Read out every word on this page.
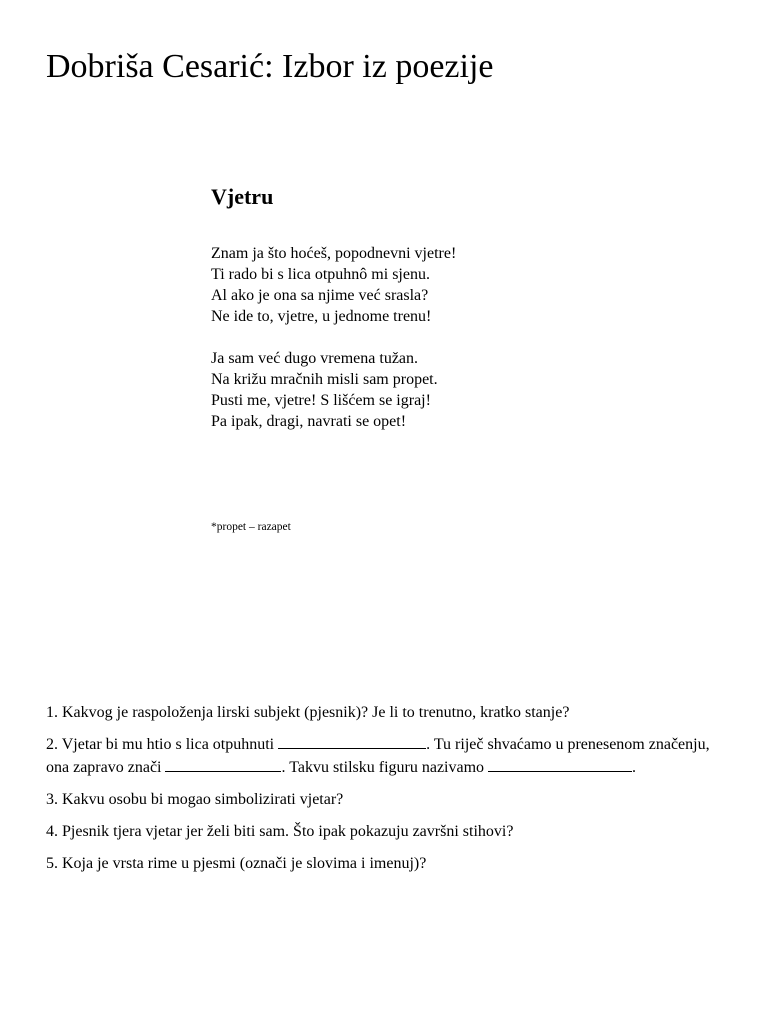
Dobriša Cesarić: Izbor iz poezije
Vjetru
Znam ja što hoćeš, popodnevni vjetre!
Ti rado bi s lica otpuhnô mi sjenu.
Al ako je ona sa njime već srasla?
Ne ide to, vjetre, u jednome trenu!
Ja sam već dugo vremena tužan.
Na križu mračnih misli sam propet.
Pusti me, vjetre! S lišćem se igraj!
Pa ipak, dragi, navrati se opet!
*propet – razapet
1. Kakvog je raspoloženja lirski subjekt (pjesnik)? Je li to trenutno, kratko stanje?
2. Vjetar bi mu htio s lica otpuhnuti	. Tu riječ shvaćamo u prenesenom značenju, ona zapravo znači	. Takvu stilsku figuru nazivamo	.
3. Kakvu osobu bi mogao simbolizirati vjetar?
4. Pjesnik tjera vjetar jer želi biti sam. Što ipak pokazuju završni stihovi?
5. Koja je vrsta rime u pjesmi (označi je slovima i imenuj)?
